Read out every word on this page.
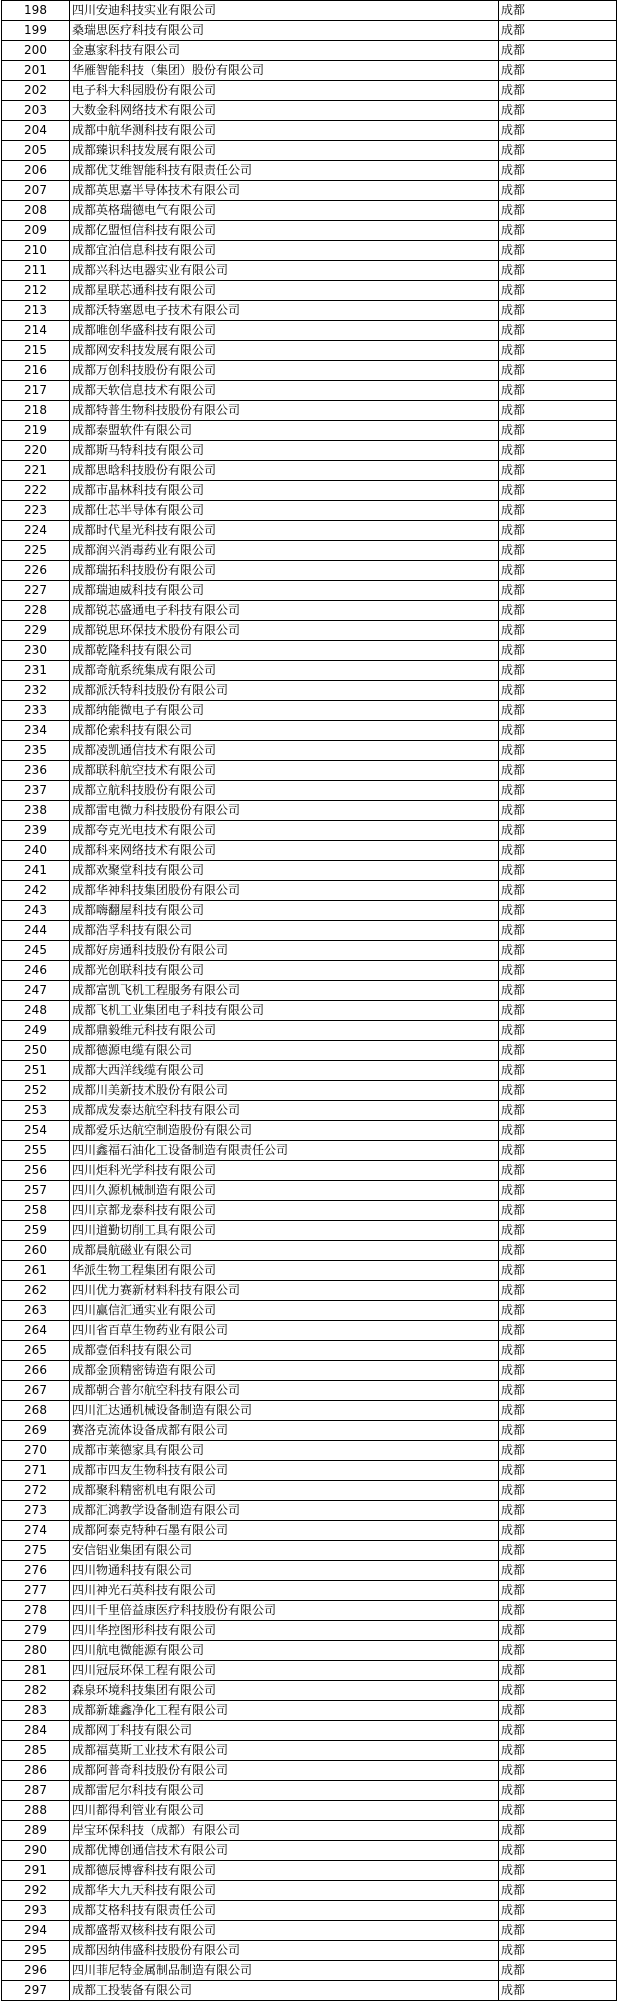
198	四川安迪科技实业有限公司	成都
199	桑瑞思医疗科技有限公司	成都
200	金惠家科技有限公司	成都
201	华雁智能科技（集团）股份有限公司	成都
202	电子科大科园股份有限公司	成都
203	大数金科网络技术有限公司	成都
204	成都中航华测科技有限公司	成都
205	成都臻识科技发展有限公司	成都
206	成都优艾维智能科技有限责任公司	成都
207	成都英思嘉半导体技术有限公司	成都
208	成都英格瑞德电气有限公司	成都
209	成都亿盟恒信科技有限公司	成都
210	成都宜泊信息科技有限公司	成都
211	成都兴科达电器实业有限公司	成都
212	成都星联芯通科技有限公司	成都
213	成都沃特塞恩电子技术有限公司	成都
214	成都唯创华盛科技有限公司	成都
215	成都网安科技发展有限公司	成都
216	成都万创科技股份有限公司	成都
217	成都天软信息技术有限公司	成都
218	成都特普生物科技股份有限公司	成都
219	成都泰盟软件有限公司	成都
220	成都斯马特科技有限公司	成都
221	成都思晗科技股份有限公司	成都
222	成都市晶林科技有限公司	成都
223	成都仕芯半导体有限公司	成都
224	成都时代星光科技有限公司	成都
225	成都润兴消毒药业有限公司	成都
226	成都瑞拓科技股份有限公司	成都
227	成都瑞迪威科技有限公司	成都
228	成都锐芯盛通电子科技有限公司	成都
229	成都锐思环保技术股份有限公司	成都
230	成都乾隆科技有限公司	成都
231	成都奇航系统集成有限公司	成都
232	成都派沃特科技股份有限公司	成都
233	成都纳能微电子有限公司	成都
234	成都伦索科技有限公司	成都
235	成都凌凯通信技术有限公司	成都
236	成都联科航空技术有限公司	成都
237	成都立航科技股份有限公司	成都
238	成都雷电微力科技股份有限公司	成都
239	成都夸克光电技术有限公司	成都
240	成都科来网络技术有限公司	成都
241	成都欢聚堂科技有限公司	成都
242	成都华神科技集团股份有限公司	成都
243	成都嗨翻屋科技有限公司	成都
244	成都浩孚科技有限公司	成都
245	成都好房通科技股份有限公司	成都
246	成都光创联科技有限公司	成都
247	成都富凯飞机工程服务有限公司	成都
248	成都飞机工业集团电子科技有限公司	成都
249	成都鼎毅维元科技有限公司	成都
250	成都德源电缆有限公司	成都
251	成都大西洋线缆有限公司	成都
252	成都川美新技术股份有限公司	成都
253	成都成发泰达航空科技有限公司	成都
254	成都爱乐达航空制造股份有限公司	成都
255	四川鑫福石油化工设备制造有限责任公司	成都
256	四川炬科光学科技有限公司	成都
257	四川久源机械制造有限公司	成都
258	四川京都龙泰科技有限公司	成都
259	四川道勤切削工具有限公司	成都
260	成都晨航磁业有限公司	成都
261	华派生物工程集团有限公司	成都
262	四川优力赛新材料科技有限公司	成都
263	四川赢信汇通实业有限公司	成都
264	四川省百草生物药业有限公司	成都
265	成都壹佰科技有限公司	成都
266	成都金顶精密铸造有限公司	成都
267	成都朝合普尔航空科技有限公司	成都
268	四川汇达通机械设备制造有限公司	成都
269	赛洛克流体设备成都有限公司	成都
270	成都市莱德家具有限公司	成都
271	成都市四友生物科技有限公司	成都
272	成都聚科精密机电有限公司	成都
273	成都汇鸿教学设备制造有限公司	成都
274	成都阿泰克特种石墨有限公司	成都
275	安信铝业集团有限公司	成都
276	四川物通科技有限公司	成都
277	四川神光石英科技有限公司	成都
278	四川千里倍益康医疗科技股份有限公司	成都
279	四川华控图形科技有限公司	成都
280	四川航电微能源有限公司	成都
281	四川冠辰环保工程有限公司	成都
282	森泉环境科技集团有限公司	成都
283	成都新雄鑫净化工程有限公司	成都
284	成都网丁科技有限公司	成都
285	成都福莫斯工业技术有限公司	成都
286	成都阿普奇科技股份有限公司	成都
287	成都雷尼尔科技有限公司	成都
288	四川都得利管业有限公司	成都
289	岸宝环保科技（成都）有限公司	成都
290	成都优博创通信技术有限公司	成都
291	成都德辰博睿科技有限公司	成都
292	成都华大九天科技有限公司	成都
293	成都艾格科技有限责任公司	成都
294	成都盛帮双核科技有限公司	成都
295	成都因纳伟盛科技股份有限公司	成都
296	四川菲尼特金属制品制造有限公司	成都
297	成都工投装备有限公司	成都
